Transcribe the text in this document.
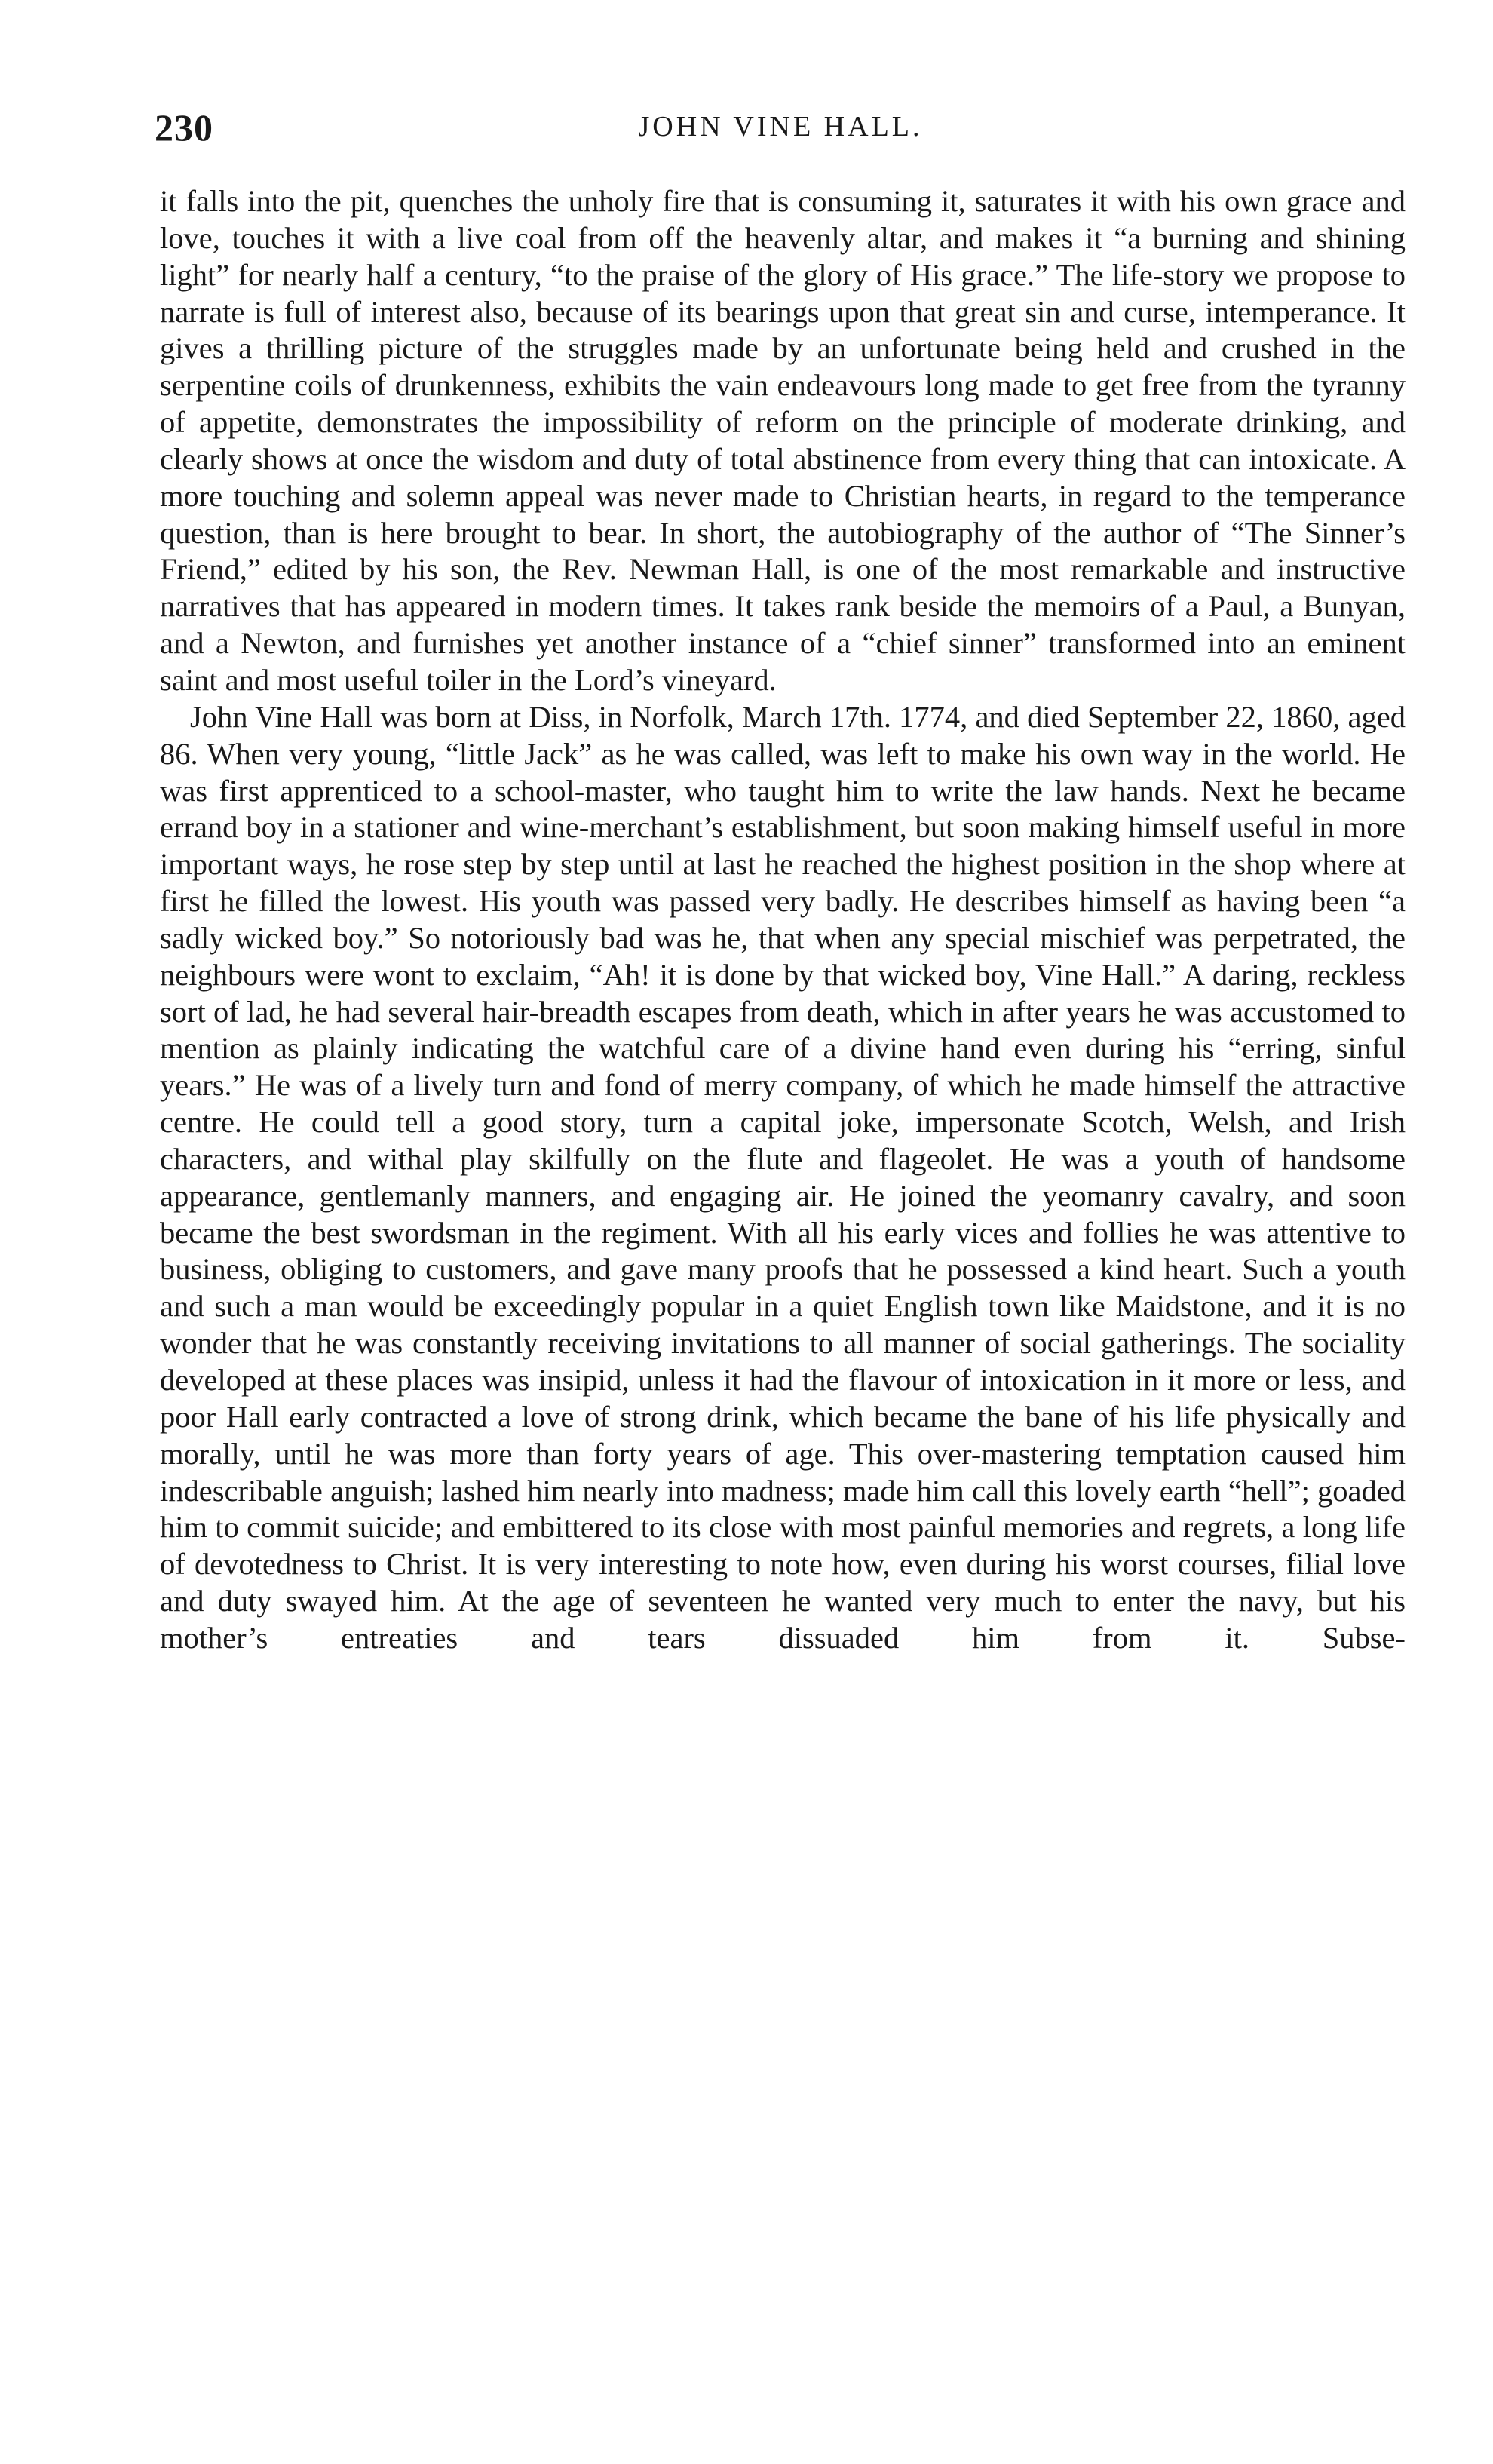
230	JOHN VINE HALL.

it falls into the pit, quenches the unholy fire that is consuming it, saturates it with his own grace and love, touches it with a live coal from off the heavenly altar, and makes it “a burning and shining light” for nearly half a century, “to the praise of the glory of His grace.” The life-story we propose to narrate is full of interest also, because of its bearings upon that great sin and curse, intemperance. It gives a thrilling picture of the struggles made by an unfortunate being held and crushed in the serpentine coils of drunkenness, exhibits the vain endeavours long made to get free from the tyranny of appetite, demonstrates the impossibility of reform on the principle of moderate drinking, and clearly shows at once the wisdom and duty of total abstinence from every thing that can intoxicate. A more touching and solemn appeal was never made to Christian hearts, in regard to the temperance question, than is here brought to bear. In short, the autobiography of the author of “The Sinner’s Friend,” edited by his son, the Rev. Newman Hall, is one of the most remarkable and instructive narratives that has appeared in modern times. It takes rank beside the memoirs of a Paul, a Bunyan, and a Newton, and furnishes yet another instance of a “chief sinner” transformed into an eminent saint and most useful toiler in the Lord’s vineyard.

John Vine Hall was born at Diss, in Norfolk, March 17th. 1774, and died September 22, 1860, aged 86. When very young, “little Jack” as he was called, was left to make his own way in the world. He was first apprenticed to a school-master, who taught him to write the law hands. Next he became errand boy in a stationer and wine-merchant’s establishment, but soon making himself useful in more important ways, he rose step by step until at last he reached the highest position in the shop where at first he filled the lowest. His youth was passed very badly. He describes himself as having been “a sadly wicked boy.” So notoriously bad was he, that when any special mischief was perpetrated, the neighbours were wont to exclaim, “Ah! it is done by that wicked boy, Vine Hall.” A daring, reckless sort of lad, he had several hair-breadth escapes from death, which in after years he was accustomed to mention as plainly indicating the watchful care of a divine hand even during his “erring, sinful years.” He was of a lively turn and fond of merry company, of which he made himself the attractive centre. He could tell a good story, turn a capital joke, impersonate Scotch, Welsh, and Irish characters, and withal play skilfully on the flute and flageolet. He was a youth of handsome appearance, gentlemanly manners, and engaging air. He joined the yeomanry cavalry, and soon became the best swordsman in the regiment. With all his early vices and follies he was attentive to business, obliging to customers, and gave many proofs that he possessed a kind heart. Such a youth and such a man would be exceedingly popular in a quiet English town like Maidstone, and it is no wonder that he was constantly receiving invitations to all manner of social gatherings. The sociality developed at these places was insipid, unless it had the flavour of intoxication in it more or less, and poor Hall early contracted a love of strong drink, which became the bane of his life physically and morally, until he was more than forty years of age. This over-mastering temptation caused him indescribable anguish; lashed him nearly into madness; made him call this lovely earth “hell”; goaded him to commit suicide; and embittered to its close with most painful memories and regrets, a long life of devotedness to Christ. It is very interesting to note how, even during his worst courses, filial love and duty swayed him. At the age of seventeen he wanted very much to enter the navy, but his mother’s entreaties and tears dissuaded him from it. Subse-
